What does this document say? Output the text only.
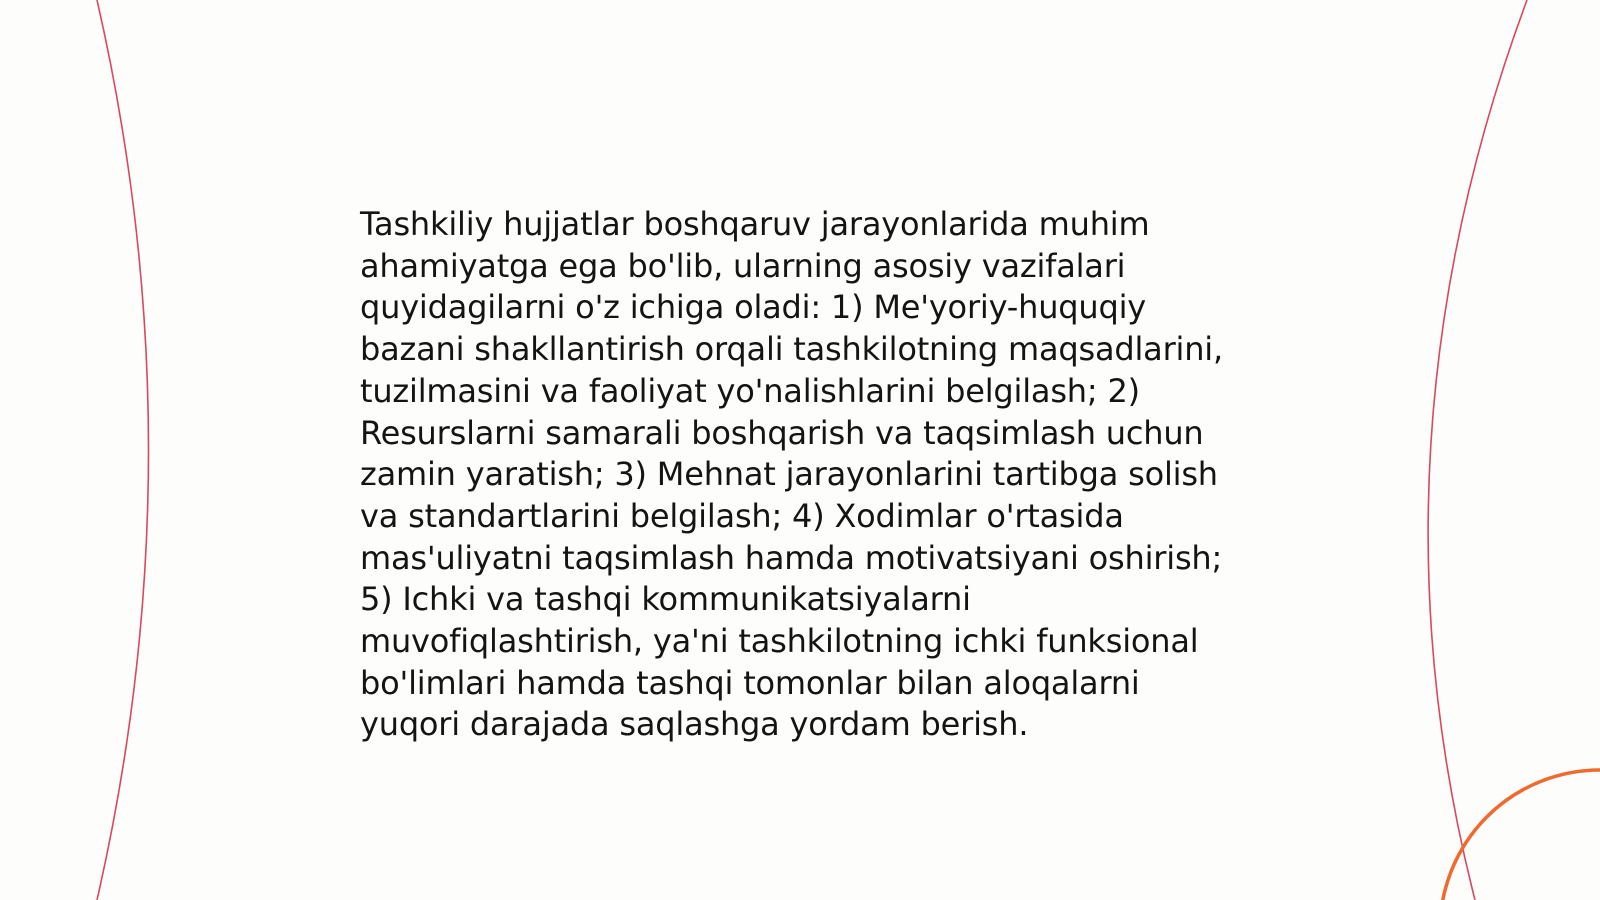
Tashkiliy hujjatlar boshqaruv jarayonlarida muhim ahamiyatga ega bo'lib, ularning asosiy vazifalari quyidagilarni o'z ichiga oladi: 1) Me'yoriy-huquqiy bazani shakllantirish orqali tashkilotning maqsadlarini, tuzilmasini va faoliyat yo'nalishlarini belgilash; 2) Resurslarni samarali boshqarish va taqsimlash uchun zamin yaratish; 3) Mehnat jarayonlarini tartibga solish va standartlarini belgilash; 4) Xodimlar o'rtasida mas'uliyatni taqsimlash hamda motivatsiyani oshirish; 5) Ichki va tashqi kommunikatsiyalarni muvofiqlashtirish, ya'ni tashkilotning ichki funksional bo'limlari hamda tashqi tomonlar bilan aloqalarni yuqori darajada saqlashga yordam berish.
